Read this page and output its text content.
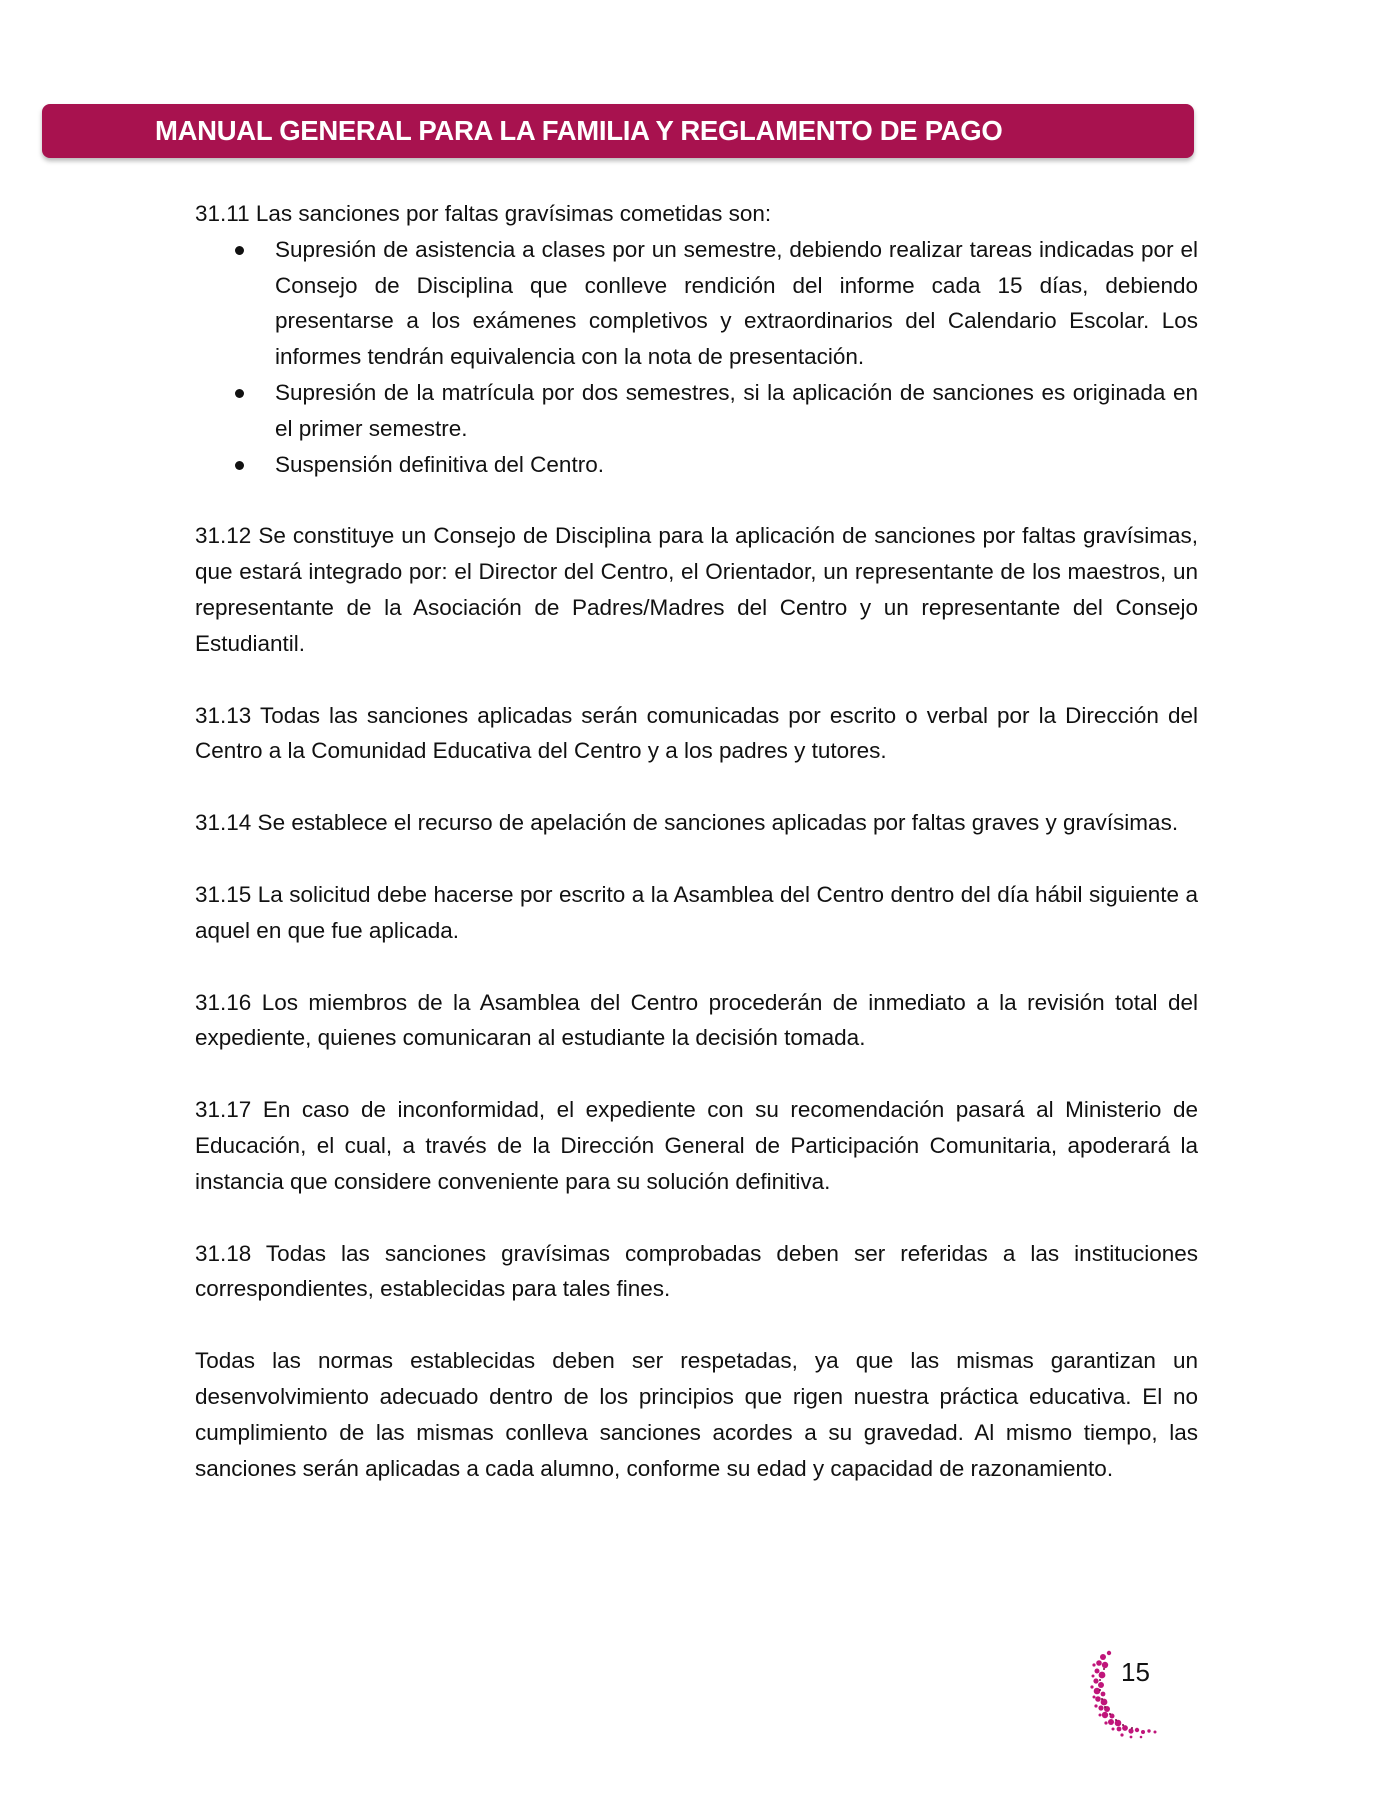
MANUAL GENERAL PARA LA FAMILIA Y REGLAMENTO DE PAGO

31.11 Las sanciones por faltas gravísimas cometidas son:

Supresión de asistencia a clases por un semestre, debiendo realizar tareas indicadas por el Consejo de Disciplina que conlleve rendición del informe cada 15 días, debiendo presentarse a los exámenes completivos y extraordinarios del Calendario Escolar. Los informes tendrán equivalencia con la nota de presentación.
Supresión de la matrícula por dos semestres, si la aplicación de sanciones es originada en el primer semestre.
Suspensión definitiva del Centro.

31.12 Se constituye un Consejo de Disciplina para la aplicación de sanciones por faltas gravísimas, que estará integrado por: el Director del Centro, el Orientador, un representante de los maestros, un representante de la Asociación de Padres/Madres del Centro y un representante del Consejo Estudiantil.

31.13 Todas las sanciones aplicadas serán comunicadas por escrito o verbal por la Dirección del Centro a la Comunidad Educativa del Centro y a los padres y tutores.

31.14 Se establece el recurso de apelación de sanciones aplicadas por faltas graves y gravísimas.

31.15 La solicitud debe hacerse por escrito a la Asamblea del Centro dentro del día hábil siguiente a aquel en que fue aplicada.

31.16 Los miembros de la Asamblea del Centro procederán de inmediato a la revisión total del expediente, quienes comunicaran al estudiante la decisión tomada.

31.17 En caso de inconformidad, el expediente con su recomendación pasará al Ministerio de Educación, el cual, a través de la Dirección General de Participación Comunitaria, apoderará la instancia que considere conveniente para su solución definitiva.

31.18 Todas las sanciones gravísimas comprobadas deben ser referidas a las instituciones correspondientes, establecidas para tales fines.

Todas las normas establecidas deben ser respetadas, ya que las mismas garantizan un desenvolvimiento adecuado dentro de los principios que rigen nuestra práctica educativa. El no cumplimiento de las mismas conlleva sanciones acordes a su gravedad. Al mismo tiempo, las sanciones serán aplicadas a cada alumno, conforme su edad y capacidad de razonamiento.

15
